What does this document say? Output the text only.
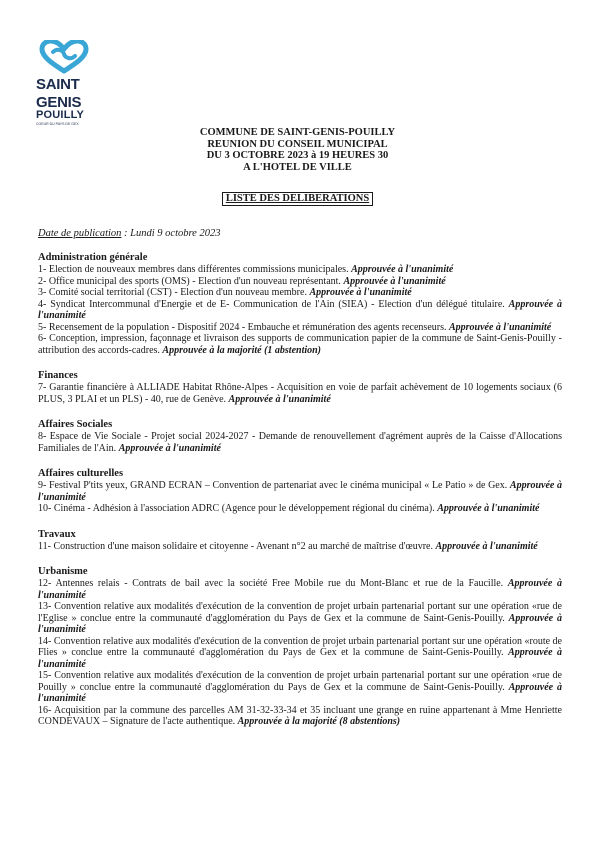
SAINT
GENIS
POUILLY
COEUR DU PAYS DE GEX
COMMUNE DE SAINT-GENIS-POUILLY
REUNION DU CONSEIL MUNICIPAL
DU 3 OCTOBRE 2023 à 19 HEURES 30
A L'HOTEL DE VILLE
LISTE DES DELIBERATIONS
Date de publication : Lundi 9 octobre 2023
Administration générale
1- Election de nouveaux membres dans différentes commissions municipales. Approuvée à l'unanimité
2- Office municipal des sports (OMS) - Election d'un nouveau représentant. Approuvée à l'unanimité
3- Comité social territorial (CST) - Election d'un nouveau membre. Approuvée à l'unanimité
4- Syndicat Intercommunal d'Energie et de E- Communication de l'Ain (SIEA) - Election d'un délégué titulaire. Approuvée à l'unanimité
5- Recensement de la population - Dispositif 2024 - Embauche et rémunération des agents recenseurs. Approuvée à l'unanimité
6- Conception, impression, façonnage et livraison des supports de communication papier de la commune de Saint-Genis-Pouilly - attribution des accords-cadres. Approuvée à la majorité (1 abstention)
Finances
7- Garantie financière à ALLIADE Habitat Rhône-Alpes - Acquisition en voie de parfait achèvement de 10 logements sociaux (6 PLUS, 3 PLAI et un PLS) - 40, rue de Genève. Approuvée à l'unanimité
Affaires Sociales
8- Espace de Vie Sociale - Projet social 2024-2027 - Demande de renouvellement d'agrément auprès de la Caisse d'Allocations Familiales de l'Ain. Approuvée à l'unanimité
Affaires culturelles
9- Festival P'tits yeux, GRAND ECRAN – Convention de partenariat avec le cinéma municipal « Le Patio » de Gex. Approuvée à l'unanimité
10- Cinéma - Adhésion à l'association ADRC (Agence pour le développement régional du cinéma). Approuvée à l'unanimité
Travaux
11- Construction d'une maison solidaire et citoyenne - Avenant n°2 au marché de maîtrise d'œuvre. Approuvée à l'unanimité
Urbanisme
12- Antennes relais - Contrats de bail avec la société Free Mobile rue du Mont-Blanc et rue de la Faucille. Approuvée à l'unanimité
13- Convention relative aux modalités d'exécution de la convention de projet urbain partenarial portant sur une opération «rue de l'Eglise » conclue entre la communauté d'agglomération du Pays de Gex et la commune de Saint-Genis-Pouilly. Approuvée à l'unanimité
14- Convention relative aux modalités d'exécution de la convention de projet urbain partenarial portant sur une opération «route de Flies » conclue entre la communauté d'agglomération du Pays de Gex et la commune de Saint-Genis-Pouilly. Approuvée à l'unanimité
15- Convention relative aux modalités d'exécution de la convention de projet urbain partenarial portant sur une opération «rue de Pouilly » conclue entre la communauté d'agglomération du Pays de Gex et la commune de Saint-Genis-Pouilly. Approuvée à l'unanimité
16- Acquisition par la commune des parcelles AM 31-32-33-34 et 35 incluant une grange en ruine appartenant à Mme Henriette CONDEVAUX – Signature de l'acte authentique. Approuvée à la majorité (8 abstentions)
